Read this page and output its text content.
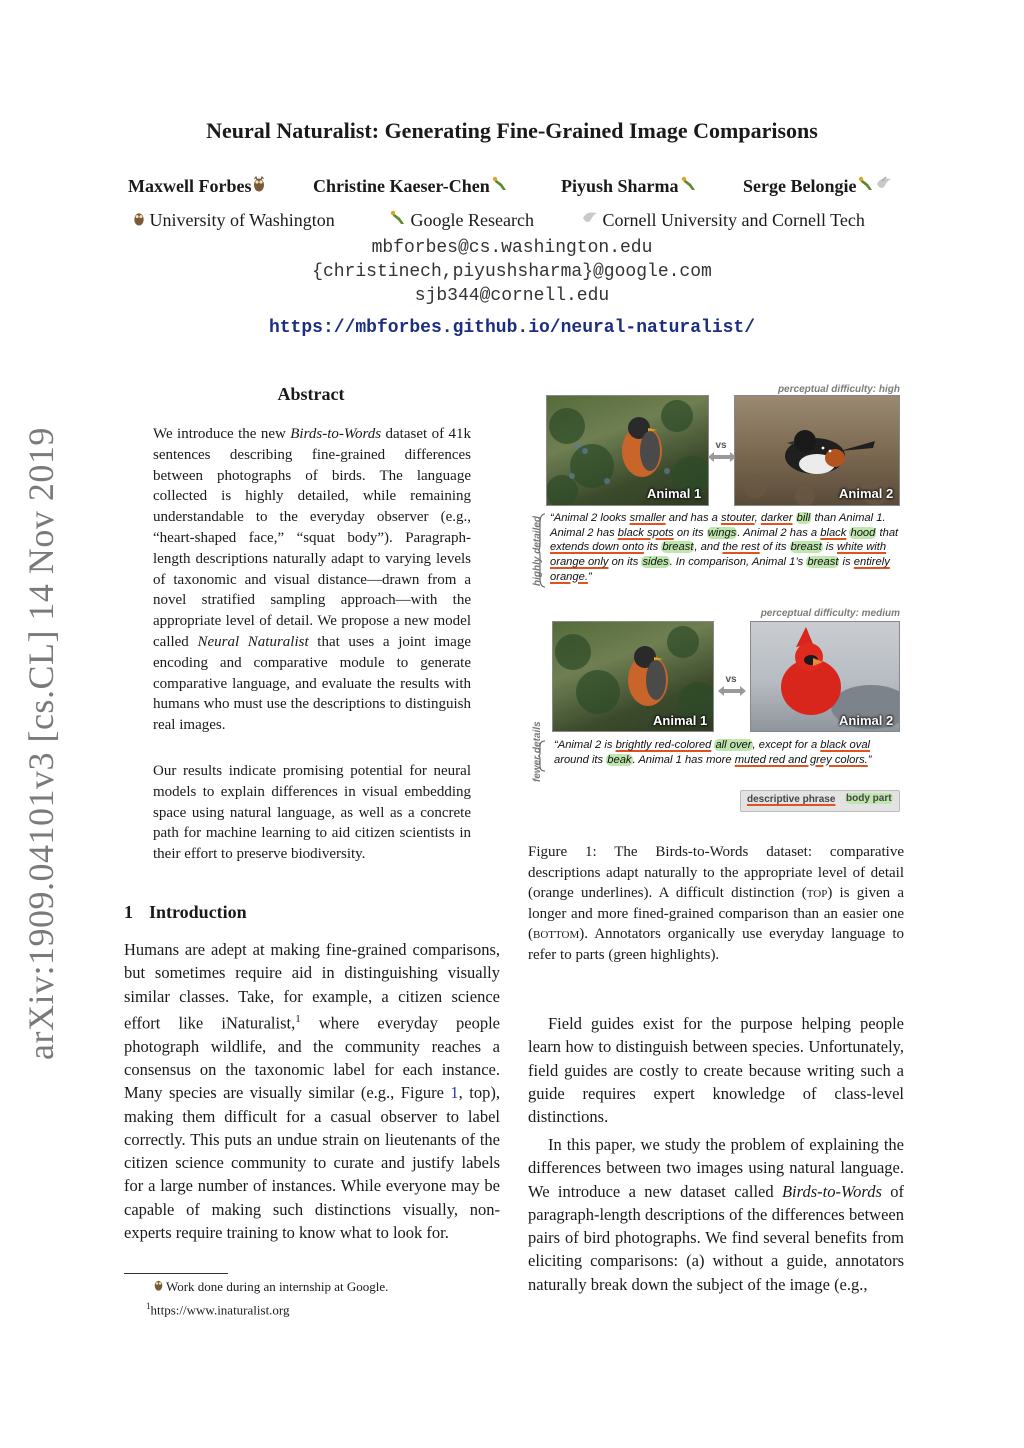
arXiv:1909.04101v3 [cs.CL] 14 Nov 2019
Neural Naturalist: Generating Fine-Grained Image Comparisons
Maxwell Forbes	Christine Kaeser-Chen	Piyush Sharma	Serge Belongie
University of Washington	Google Research	Cornell University and Cornell Tech
mbforbes@cs.washington.edu
{christinech,piyushsharma}@google.com
sjb344@cornell.edu
https://mbforbes.github.io/neural-naturalist/
Abstract
We introduce the new Birds-to-Words dataset of 41k sentences describing fine-grained differences between photographs of birds. The language collected is highly detailed, while remaining understandable to the everyday observer (e.g., “heart-shaped face,” “squat body”). Paragraph-length descriptions naturally adapt to varying levels of taxonomic and visual distance—drawn from a novel stratified sampling approach—with the appropriate level of detail. We propose a new model called Neural Naturalist that uses a joint image encoding and comparative module to generate comparative language, and evaluate the results with humans who must use the descriptions to distinguish real images.
Our results indicate promising potential for neural models to explain differences in visual embedding space using natural language, as well as a concrete path for machine learning to aid citizen scientists in their effort to preserve biodiversity.
1 Introduction
Humans are adept at making fine-grained comparisons, but sometimes require aid in distinguishing visually similar classes. Take, for example, a citizen science effort like iNaturalist,$^1$ where everyday people photograph wildlife, and the community reaches a consensus on the taxonomic label for each instance. Many species are visually similar (e.g., Figure 1, top), making them difficult for a casual observer to label correctly. This puts an undue strain on lieutenants of the citizen science community to curate and justify labels for a large number of instances. While everyone may be capable of making such distinctions visually, non-experts require training to know what to look for.
Work done during an internship at Google.
$^1$https://www.inaturalist.org
Field guides exist for the purpose helping people learn how to distinguish between species. Unfortunately, field guides are costly to create because writing such a guide requires expert knowledge of class-level distinctions.
In this paper, we study the problem of explaining the differences between two images using natural language. We introduce a new dataset called Birds-to-Words of paragraph-length descriptions of the differences between pairs of bird photographs. We find several benefits from eliciting comparisons: (a) without a guide, annotators naturally break down the subject of the image (e.g.,
perceptual difficulty: high
Animal 1
vs
Animal 2
highly detailed “Animal 2 looks smaller and has a stouter, darker bill than Animal 1. Animal 2 has black spots on its wings. Animal 2 has a black hood that extends down onto its breast, and the rest of its breast is white with orange only on its sides. In comparison, Animal 1’s breast is entirely orange.”
perceptual difficulty: medium
Animal 1
vs
Animal 2
fewer details “Animal 2 is brightly red-colored all over, except for a black oval around its beak. Animal 1 has more muted red and grey colors.”
descriptive phrase body part
Figure 1: The Birds-to-Words dataset: comparative descriptions adapt naturally to the appropriate level of detail (orange underlines). A difficult distinction (top) is given a longer and more fined-grained comparison than an easier one (bottom). Annotators organically use everyday language to refer to parts (green highlights).
